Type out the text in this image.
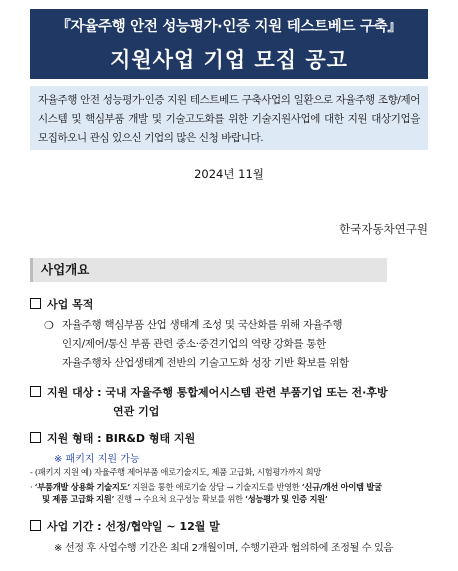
『자율주행 안전 성능평가·인증 지원 테스트베드 구축』
지원사업 기업 모집 공고
자율주행 안전 성능평가·인증 지원 테스트베드 구축사업의 일환으로 자율주행 조향/제어시스템 및 핵심부품 개발 및 기술고도화를 위한 기술지원사업에 대한 지원 대상기업을 모집하오니 관심 있으신 기업의 많은 신청 바랍니다.
2024년 11월
한국자동차연구원
사업개요
사업 목적
❍ 자율주행 핵심부품 산업 생태계 조성 및 국산화를 위해 자율주행
인지/제어/통신 부품 관련 중소·중견기업의 역량 강화를 통한
자율주행차 산업생태계 전반의 기술고도화 성장 기반 확보를 위함
지원 대상 : 국내 자율주행 통합제어시스템 관련 부품기업 또는 전·후방
연관 기업
지원 형태 : BIR&D 형태 지원
※ 패키지 지원 가능
- (패키지 지원 예) 자율주행 제어부품 애로기술지도, 제품 고급화, 시험평가까지 희망
· ‘부품개발 상용화 기술지도’ 지원을 통한 애로기술 상담 → 기술지도를 반영한 ‘신규/개선 아이템 발굴
및 제품 고급화 지원’ 진행 → 수요처 요구성능 확보를 위한 ‘성능평가 및 인증 지원’
사업 기간 : 선정/협약일 ~ 12월 말
※ 선정 후 사업수행 기간은 최대 2개월이며, 수행기관과 협의하에 조정될 수 있음
